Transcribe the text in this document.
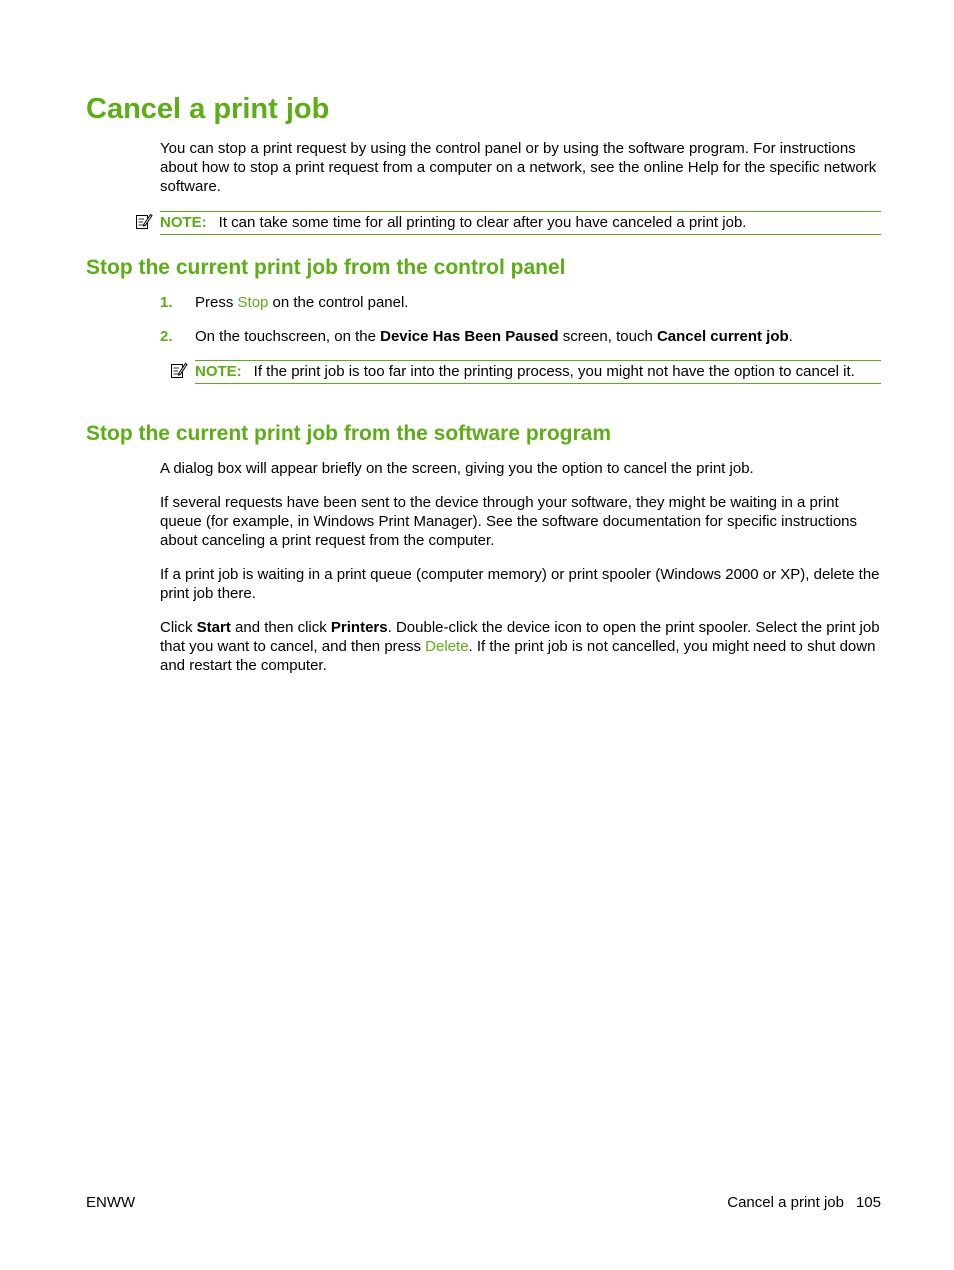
Cancel a print job

You can stop a print request by using the control panel or by using the software program. For instructions about how to stop a print request from a computer on a network, see the online Help for the specific network software.

NOTE: It can take some time for all printing to clear after you have canceled a print job.
Stop the current print job from the control panel
1. Press Stop on the control panel.
2. On the touchscreen, on the Device Has Been Paused screen, touch Cancel current job.
NOTE: If the print job is too far into the printing process, you might not have the option to cancel it.
Stop the current print job from the software program

A dialog box will appear briefly on the screen, giving you the option to cancel the print job.

If several requests have been sent to the device through your software, they might be waiting in a print queue (for example, in Windows Print Manager). See the software documentation for specific instructions about canceling a print request from the computer.

If a print job is waiting in a print queue (computer memory) or print spooler (Windows 2000 or XP), delete the print job there.

Click Start and then click Printers. Double-click the device icon to open the print spooler. Select the print job that you want to cancel, and then press Delete. If the print job is not cancelled, you might need to shut down and restart the computer.

ENWW	Cancel a print job 105
